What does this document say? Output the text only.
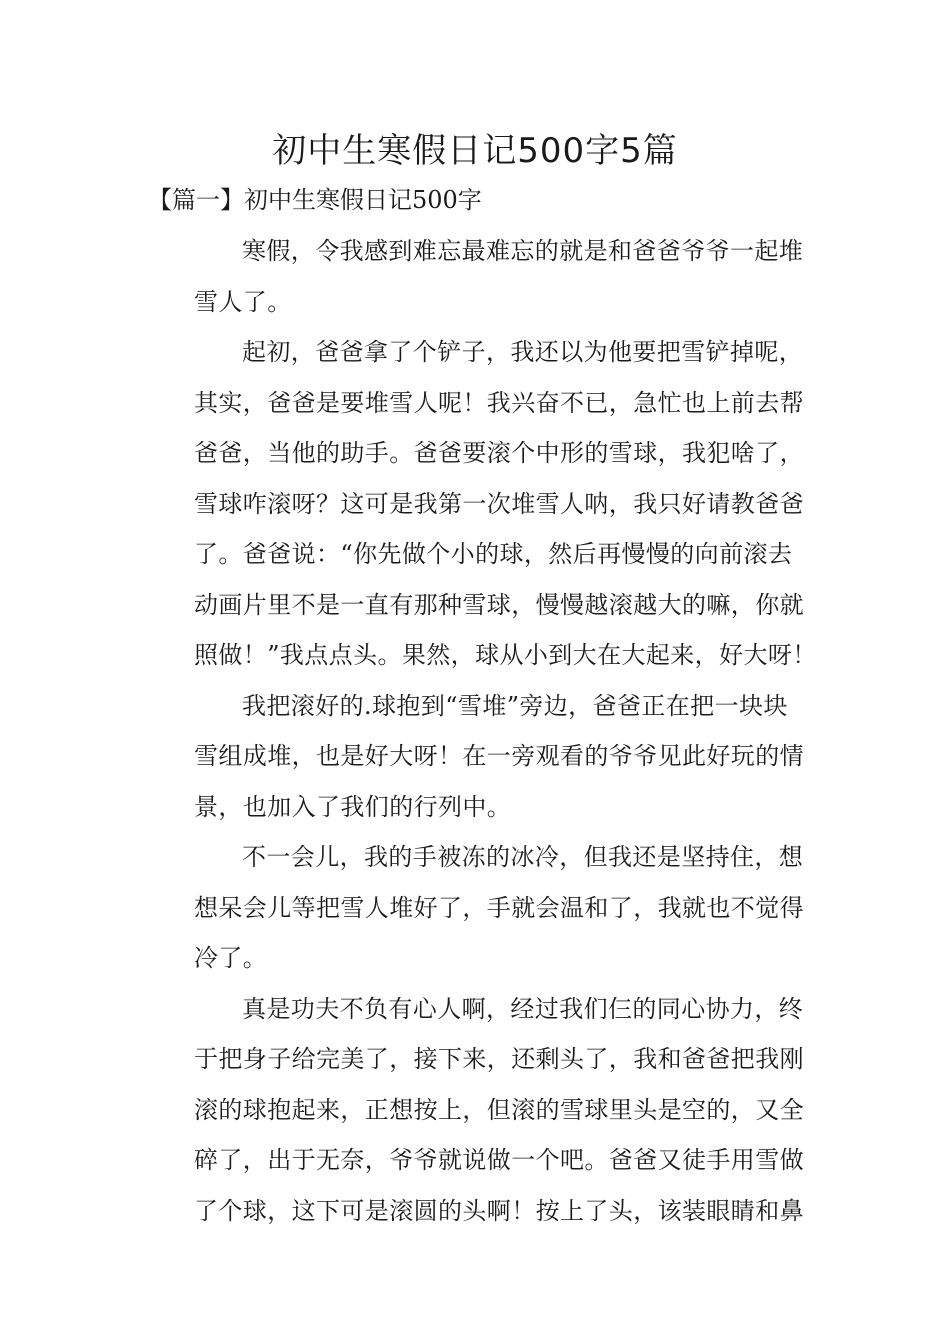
初中生寒假日记500字5篇
【篇一】初中生寒假日记500字
寒假，令我感到难忘最难忘的就是和爸爸爷爷一起堆
雪人了。
起初，爸爸拿了个铲子，我还以为他要把雪铲掉呢，
其实，爸爸是要堆雪人呢！我兴奋不已，急忙也上前去帮
爸爸，当他的助手。爸爸要滚个中形的雪球，我犯啥了，
雪球咋滚呀？这可是我第一次堆雪人呐，我只好请教爸爸
了。爸爸说：“你先做个小的球，然后再慢慢的向前滚去
动画片里不是一直有那种雪球，慢慢越滚越大的嘛，你就
照做！”我点点头。果然，球从小到大在大起来，好大呀！
我把滚好的.球抱到“雪堆”旁边，爸爸正在把一块块
雪组成堆，也是好大呀！在一旁观看的爷爷见此好玩的情
景，也加入了我们的行列中。
不一会儿，我的手被冻的冰冷，但我还是坚持住，想
想呆会儿等把雪人堆好了，手就会温和了，我就也不觉得
冷了。
真是功夫不负有心人啊，经过我们仨的同心协力，终
于把身子给完美了，接下来，还剩头了，我和爸爸把我刚
滚的球抱起来，正想按上，但滚的雪球里头是空的，又全
碎了，出于无奈，爷爷就说做一个吧。爸爸又徒手用雪做
了个球，这下可是滚圆的头啊！按上了头，该装眼睛和鼻
